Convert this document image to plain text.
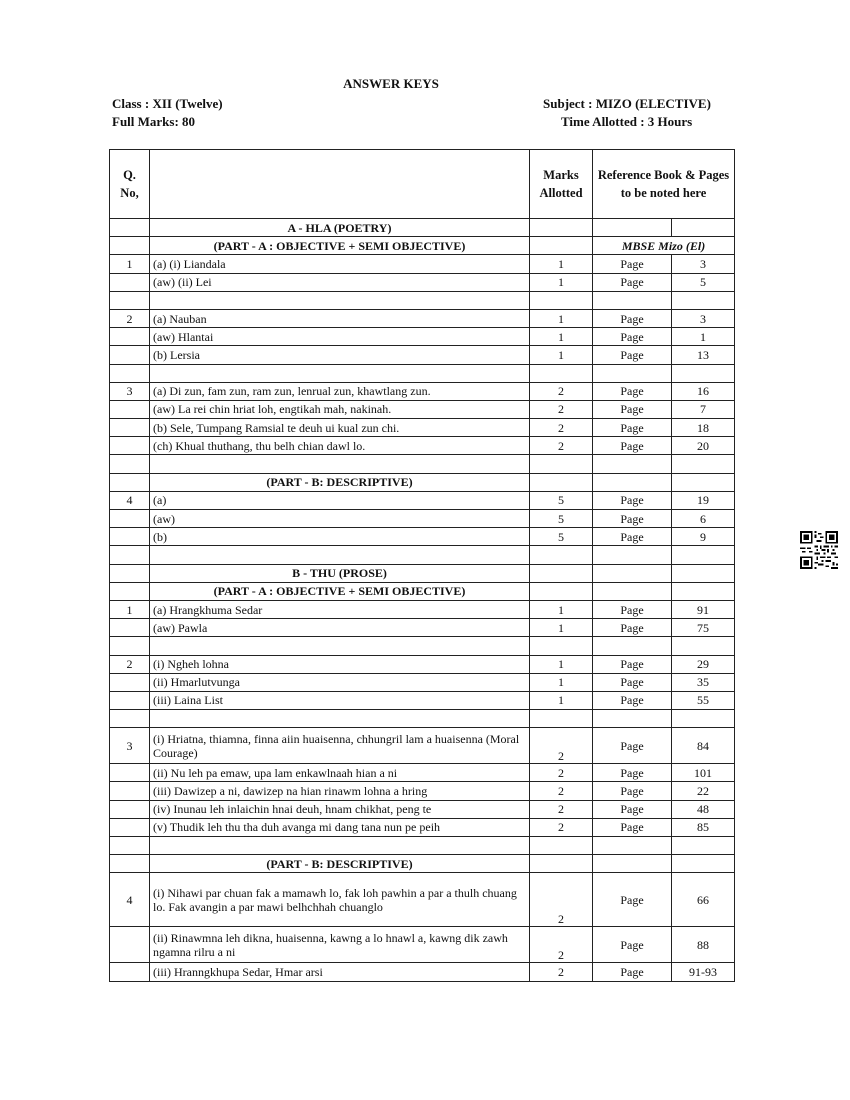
ANSWER KEYS
Class : XII (Twelve)
Full Marks: 80
Subject : MIZO (ELECTIVE)
Time Allotted : 3 Hours
Q. No,		Marks Allotted	Reference Book & Pages to be noted here	
	A - HLA (POETRY)			
	(PART - A : OBJECTIVE + SEMI OBJECTIVE)		MBSE Mizo (El)	
1	(a) (i) Liandala	1	Page	3
	(aw) (ii) Lei	1	Page	5

2	(a) Nauban	1	Page	3
	(aw) Hlantai	1	Page	1
	(b) Lersia	1	Page	13

3	(a) Di zun, fam zun, ram zun, lenrual zun, khawtlang zun.	2	Page	16
	(aw) La rei chin hriat loh, engtikah mah, nakinah.	2	Page	7
	(b) Sele, Tumpang Ramsial te deuh ui kual zun chi.	2	Page	18
	(ch) Khual thuthang, thu belh chian dawl lo.	2	Page	20

	(PART - B: DESCRIPTIVE)			
4	(a)	5	Page	19
	(aw)	5	Page	6
	(b)	5	Page	9

	B - THU (PROSE)			
	(PART - A : OBJECTIVE + SEMI OBJECTIVE)			
1	(a) Hrangkhuma Sedar	1	Page	91
	(aw) Pawla	1	Page	75

2	(i) Ngheh lohna	1	Page	29
	(ii) Hmarlutvunga	1	Page	35
	(iii) Laina List	1	Page	55

3	(i) Hriatna, thiamna, finna aiin huaisenna, chhungril lam a huaisenna (Moral Courage)	2	Page	84
	(ii) Nu leh pa emaw, upa lam enkawlnaah hian a ni	2	Page	101
	(iii) Dawizep a ni, dawizep na hian rinawm lohna a hring	2	Page	22
	(iv) Inunau leh inlaichin hnai deuh, hnam chikhat, peng te	2	Page	48
	(v) Thudik leh thu tha duh avanga mi dang tana nun pe peih	2	Page	85

	(PART - B: DESCRIPTIVE)			
4	(i) Nihawi par chuan fak a mamawh lo, fak loh pawhin a par a thulh chuang lo. Fak avangin a par mawi belhchhah chuanglo	2	Page	66
	(ii) Rinawmna leh dikna, huaisenna, kawng a lo hnawl a, kawng dik zawh ngamna rilru a ni	2	Page	88
	(iii) Hranngkhupa Sedar, Hmar arsi	2	Page	91-93
